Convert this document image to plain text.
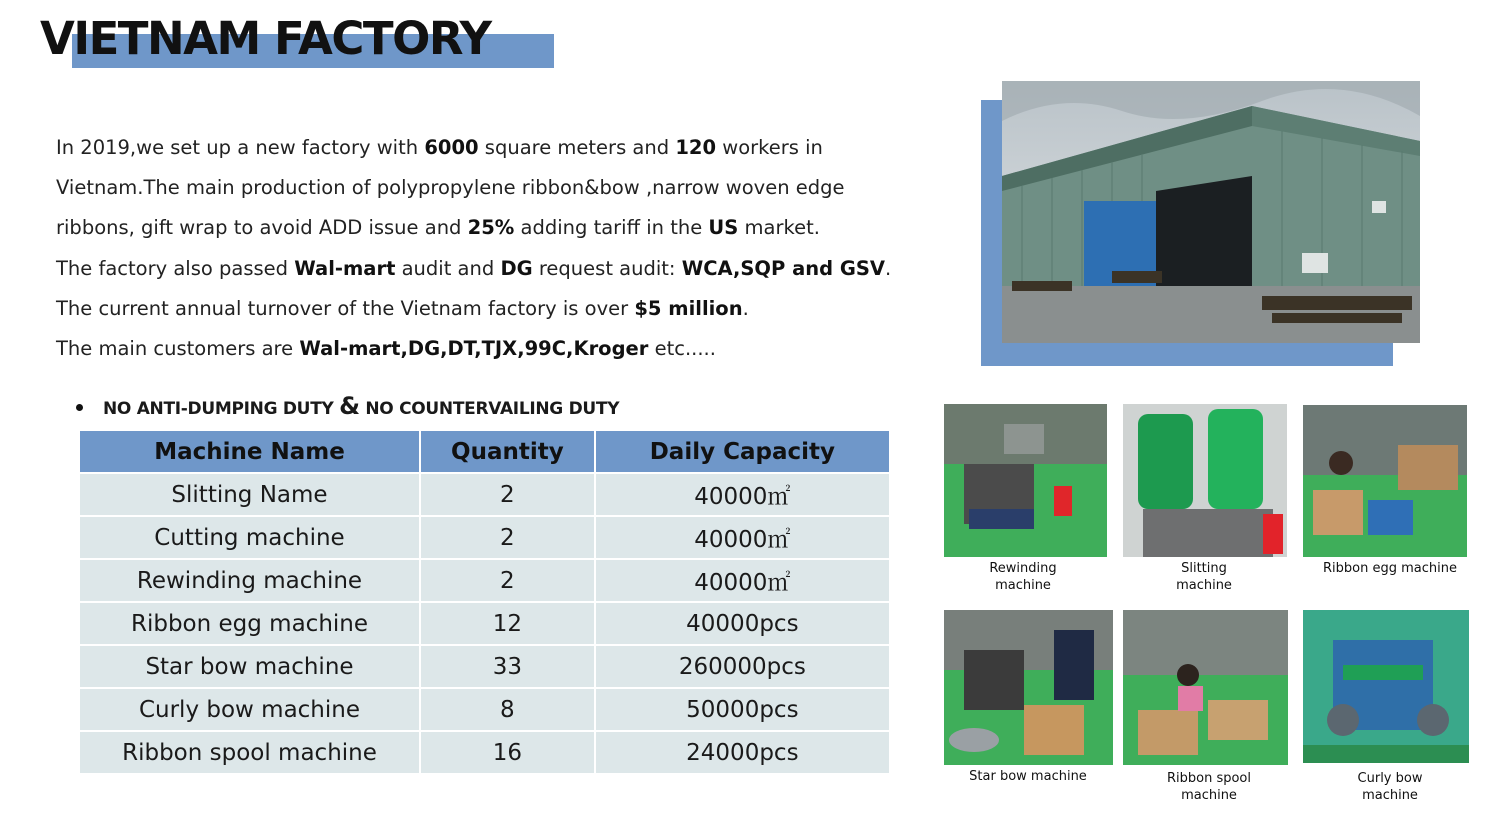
VIETNAM FACTORY

In 2019,we set up a new factory with 6000 square meters and 120 workers in

Vietnam.The main production of polypropylene ribbon&bow ,narrow woven edge

ribbons, gift wrap to avoid ADD issue and 25% adding tariff in the US market.

The factory also passed Wal-mart audit and DG request audit: WCA,SQP and GSV.

The current annual turnover of the Vietnam factory is over $5 million.

The main customers are Wal-mart,DG,DT,TJX,99C,Kroger etc.....

NO ANTI-DUMPING DUTY & NO COUNTERVAILING DUTY
Machine Name	Quantity	Daily Capacity
Slitting Name	2	40000㎡
Cutting machine	2	40000㎡
Rewinding machine	2	40000㎡
Ribbon egg machine	12	40000pcs
Star bow machine	33	260000pcs
Curly bow machine	8	50000pcs
Ribbon spool machine	16	24000pcs
Rewinding
machine
Slitting
machine
Ribbon egg machine
Star bow machine	Ribbon spool
machine
Curly bow
machine
